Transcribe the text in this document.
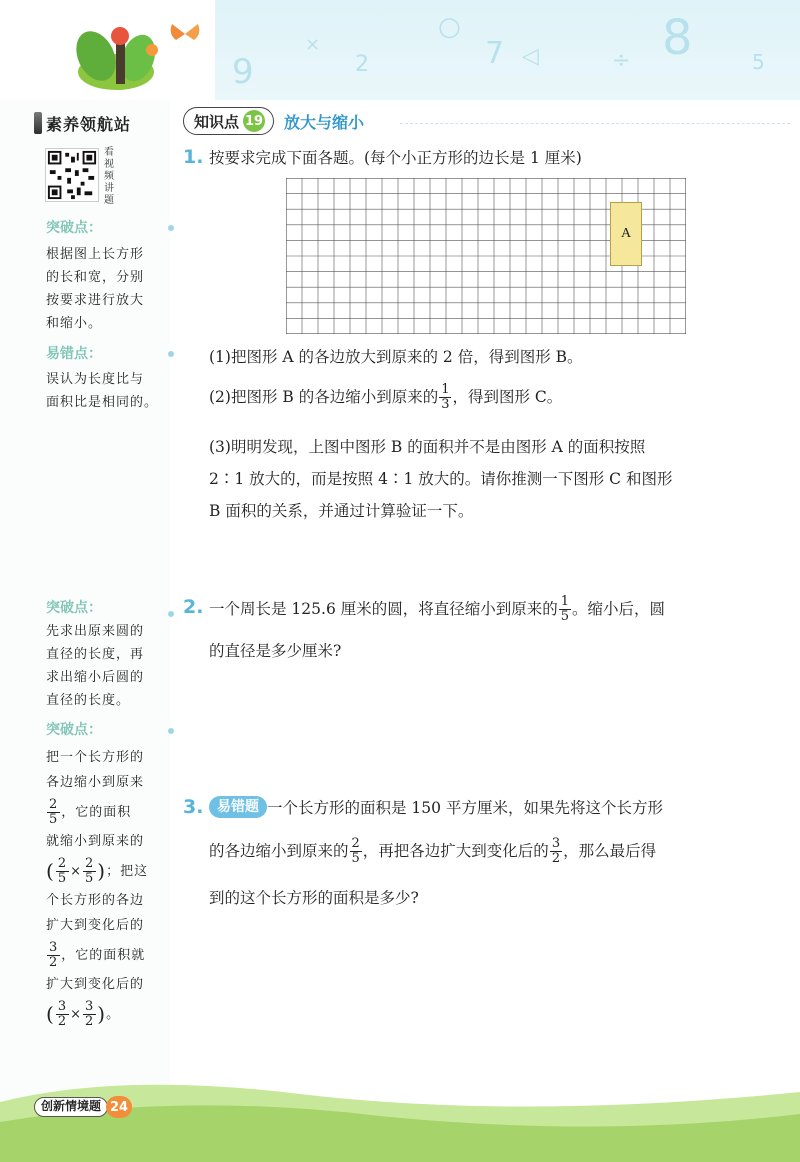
9
×
2
○
7 ◁	÷ 8	5
素养领航站
看视频讲题
突破点：
根据图上长方形
的长和宽，分别
按要求进行放大
和缩小。
易错点：
误认为长度比与
面积比是相同的。
突破点：
先求出原来圆的
直径的长度，再
求出缩小后圆的
直径的长度。
突破点：
把一个长方形的
各边缩小到原来
$\frac{2}{5}$ ，它的面积
就缩小到原来的
( $\frac{2}{5} \times \frac{2}{5}$ ) ；把这
个长方形的各边
扩大到变化后的
$\frac{3}{2}$ ，它的面积就
扩大到变化后的
( $\frac{3}{2} \times \frac{3}{2}$ ) 。
知识点 19 放大与缩小
1. 按要求完成下面各题。(每个小正方形的边长是 1 厘米)
A
(1)把图形 A 的各边放大到原来的 2 倍，得到图形 B。
(2)把图形 B 的各边缩小到原来的 $\frac{1}{3}$ ，得到图形 C。
(3)明明发现，上图中图形 B 的面积并不是由图形 A 的面积按照
2∶1 放大的，而是按照 4∶1 放大的。请你推测一下图形 C 和图形
B 面积的关系，并通过计算验证一下。
2. 一个周长是 125.6 厘米的圆，将直径缩小到原来的 $\frac{1}{5}$ 。缩小后，圆
的直径是多少厘米?
3. 易错题 一个长方形的面积是 150 平方厘米，如果先将这个长方形
的各边缩小到原来的 $\frac{2}{5}$ ，再把各边扩大到变化后的 $\frac{3}{2}$ ，那么最后得
到的这个长方形的面积是多少?
创新情境题 24
